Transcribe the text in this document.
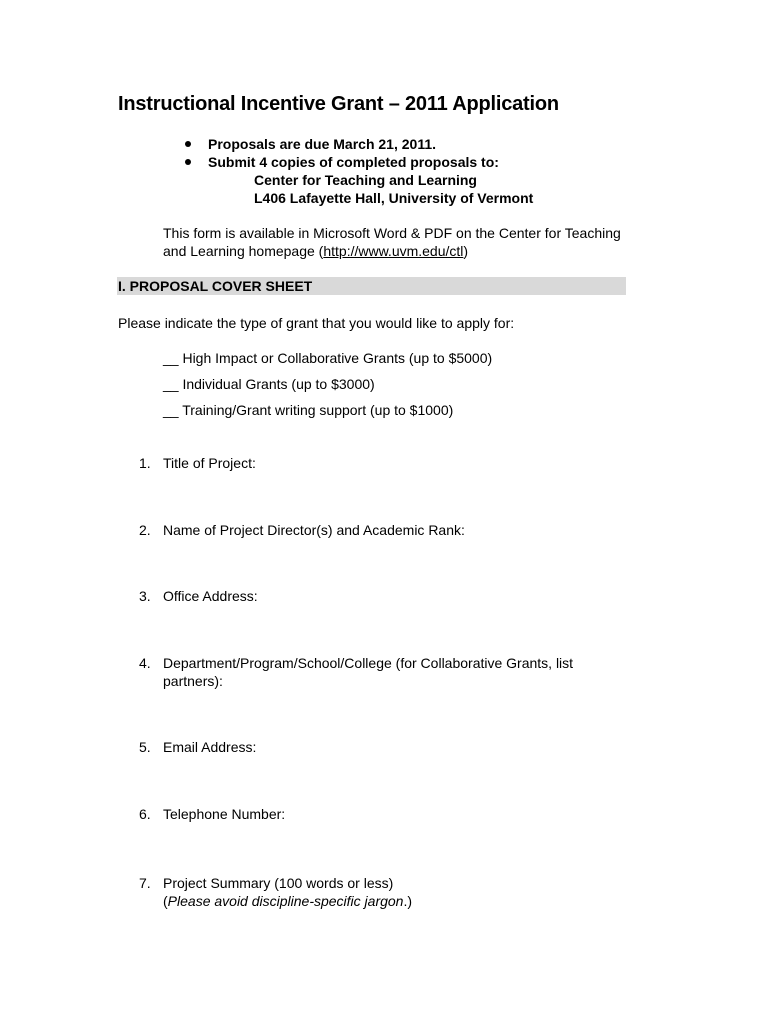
Instructional Incentive Grant – 2011 Application
Proposals are due March 21, 2011.
Submit 4 copies of completed proposals to:
Center for Teaching and Learning
L406 Lafayette Hall, University of Vermont

This form is available in Microsoft Word & PDF on the Center for Teaching and Learning homepage (http://www.uvm.edu/ctl)

I. PROPOSAL COVER SHEET

Please indicate the type of grant that you would like to apply for:

__ High Impact or Collaborative Grants (up to $5000)
__ Individual Grants (up to $3000)
__ Training/Grant writing support (up to $1000)
1. Title of Project:
2. Name of Project Director(s) and Academic Rank:
3. Office Address:
4. Department/Program/School/College (for Collaborative Grants, list partners):
5. Email Address:
6. Telephone Number:
7. Project Summary (100 words or less)
(Please avoid discipline-specific jargon.)
